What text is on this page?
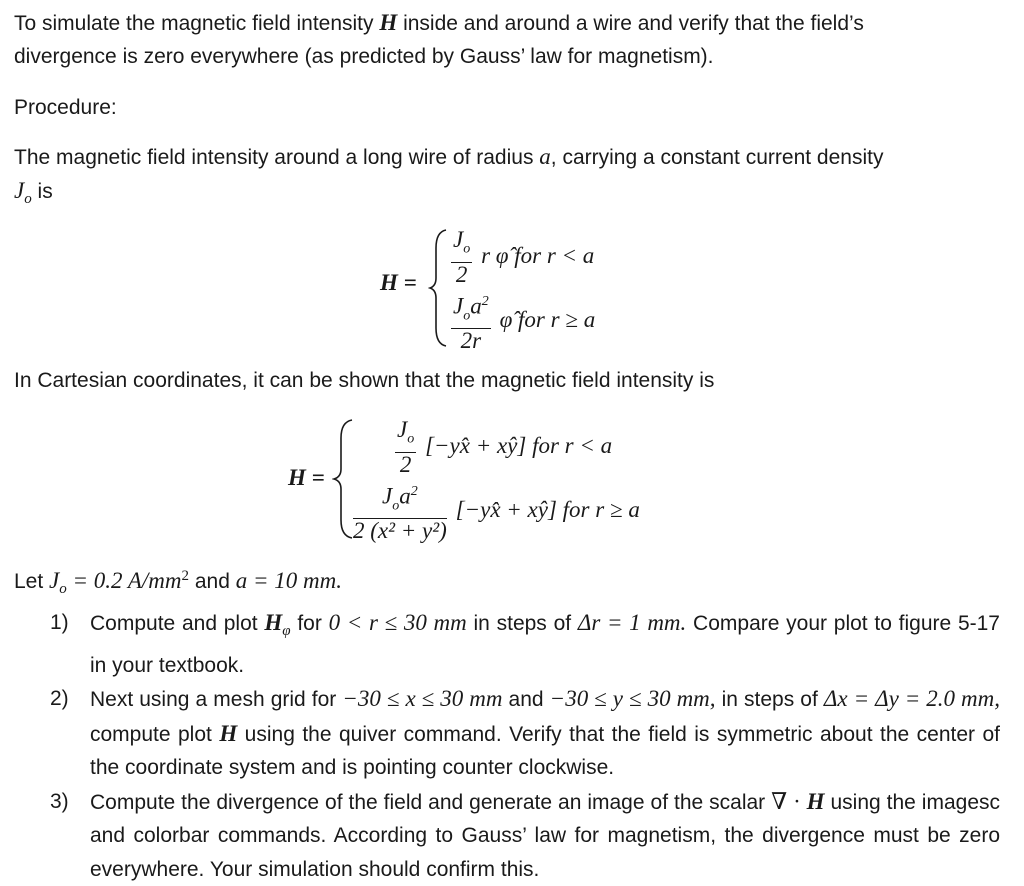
To simulate the magnetic field intensity H inside and around a wire and verify that the field’s
divergence is zero everywhere (as predicted by Gauss’ law for magnetism).
Procedure:
The magnetic field intensity around a long wire of radius a, carrying a constant current density
$J_o$ is
$H = \frac{J_o}{2}$ r φ̂ for r < a
$\frac{J_oa^2}{2r}$ φ̂ for r ≥ a
In Cartesian coordinates, it can be shown that the magnetic field intensity is
H =
$\frac{J_o}{2}$ [−yx̂ + xŷ] for r < a
$\frac{J_oa^2}{\text{2 (x² + y²)}}$ [−yx̂ + xŷ] for r ≥ a
Let $J_o = 0.2$ $A/mm^2$ and a = 10 mm.
1) Compute and plot $H_\varphi$ for 0 < r ≤ 30 mm in steps of Δr = 1 mm. Compare your plot to figure 5-17 in your textbook.
2) Next using a mesh grid for −30 ≤ x ≤ 30 mm and −30 ≤ y ≤ 30 mm, in steps of Δx = Δy = 2.0 mm, compute plot H using the quiver command. Verify that the field is symmetric about the center of the coordinate system and is pointing counter clockwise.
3) Compute the divergence of the field and generate an image of the scalar ∇ · H using the imagesc and colorbar commands. According to Gauss’ law for magnetism, the divergence must be zero everywhere. Your simulation should confirm this.
